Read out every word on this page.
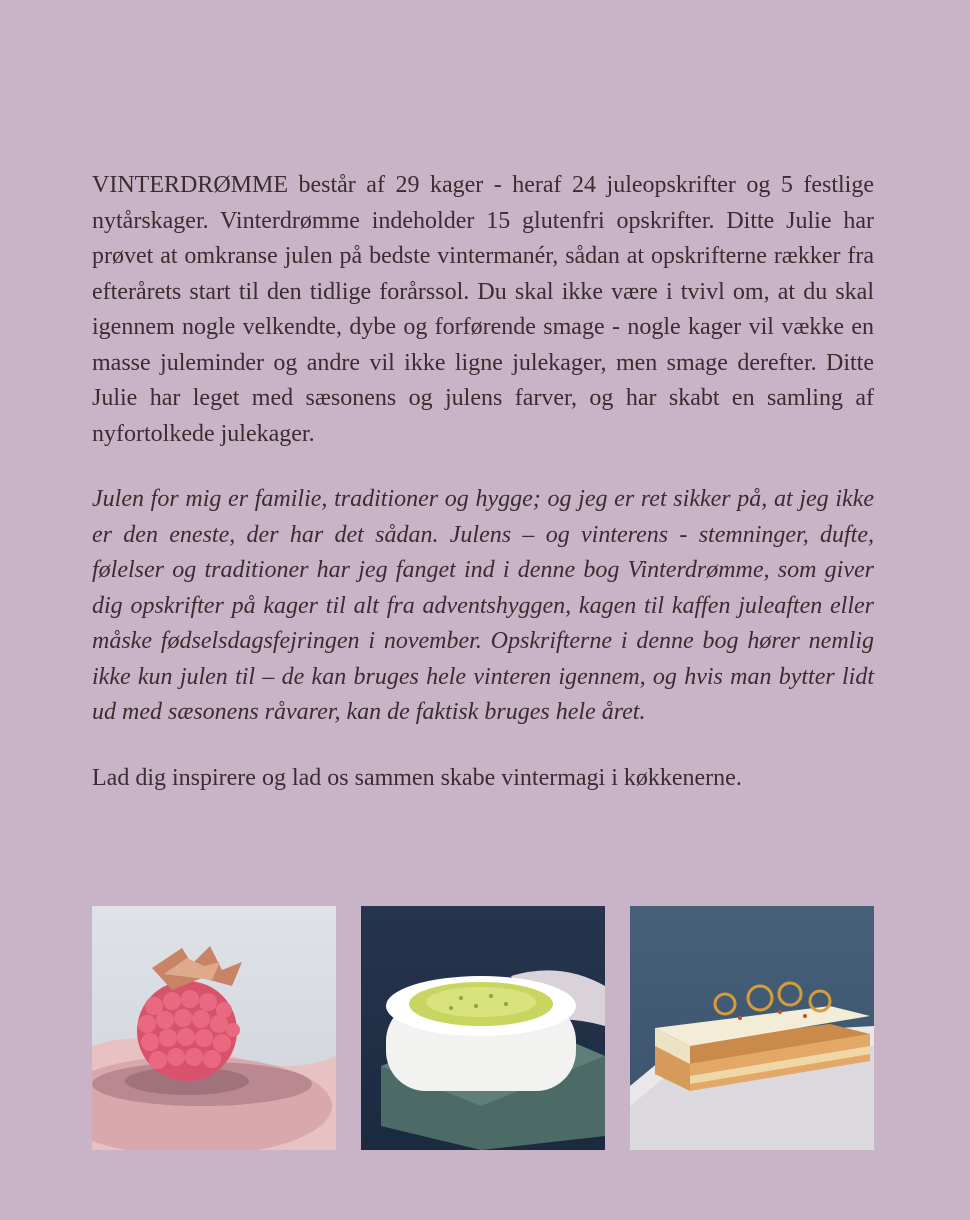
VINTERDRØMME består af 29 kager - heraf 24 juleopskrifter og 5 festlige nytårskager. Vinterdrømme indeholder 15 glutenfri opskrifter. Ditte Julie har prøvet at omkranse julen på bedste vintermanér, sådan at opskrifterne rækker fra efterårets start til den tidlige forårssol. Du skal ikke være i tvivl om, at du skal igennem nogle velkendte, dybe og forførende smage - nogle kager vil vække en masse juleminder og andre vil ikke ligne julekager, men smage derefter. Ditte Julie har leget med sæsonens og julens farver, og har skabt en samling af nyfortolkede julekager.

Julen for mig er familie, traditioner og hygge; og jeg er ret sikker på, at jeg ikke er den eneste, der har det sådan. Julens – og vinterens - stemninger, dufte, følelser og traditioner har jeg fanget ind i denne bog Vinterdrømme, som giver dig opskrifter på kager til alt fra adventshyggen, kagen til kaffen juleaften eller måske fødselsdagsfejringen i november. Opskrifterne i denne bog hører nemlig ikke kun julen til – de kan bruges hele vinteren igennem, og hvis man bytter lidt ud med sæsonens råvarer, kan de faktisk bruges hele året.

Lad dig inspirere og lad os sammen skabe vintermagi i køkkenerne.
